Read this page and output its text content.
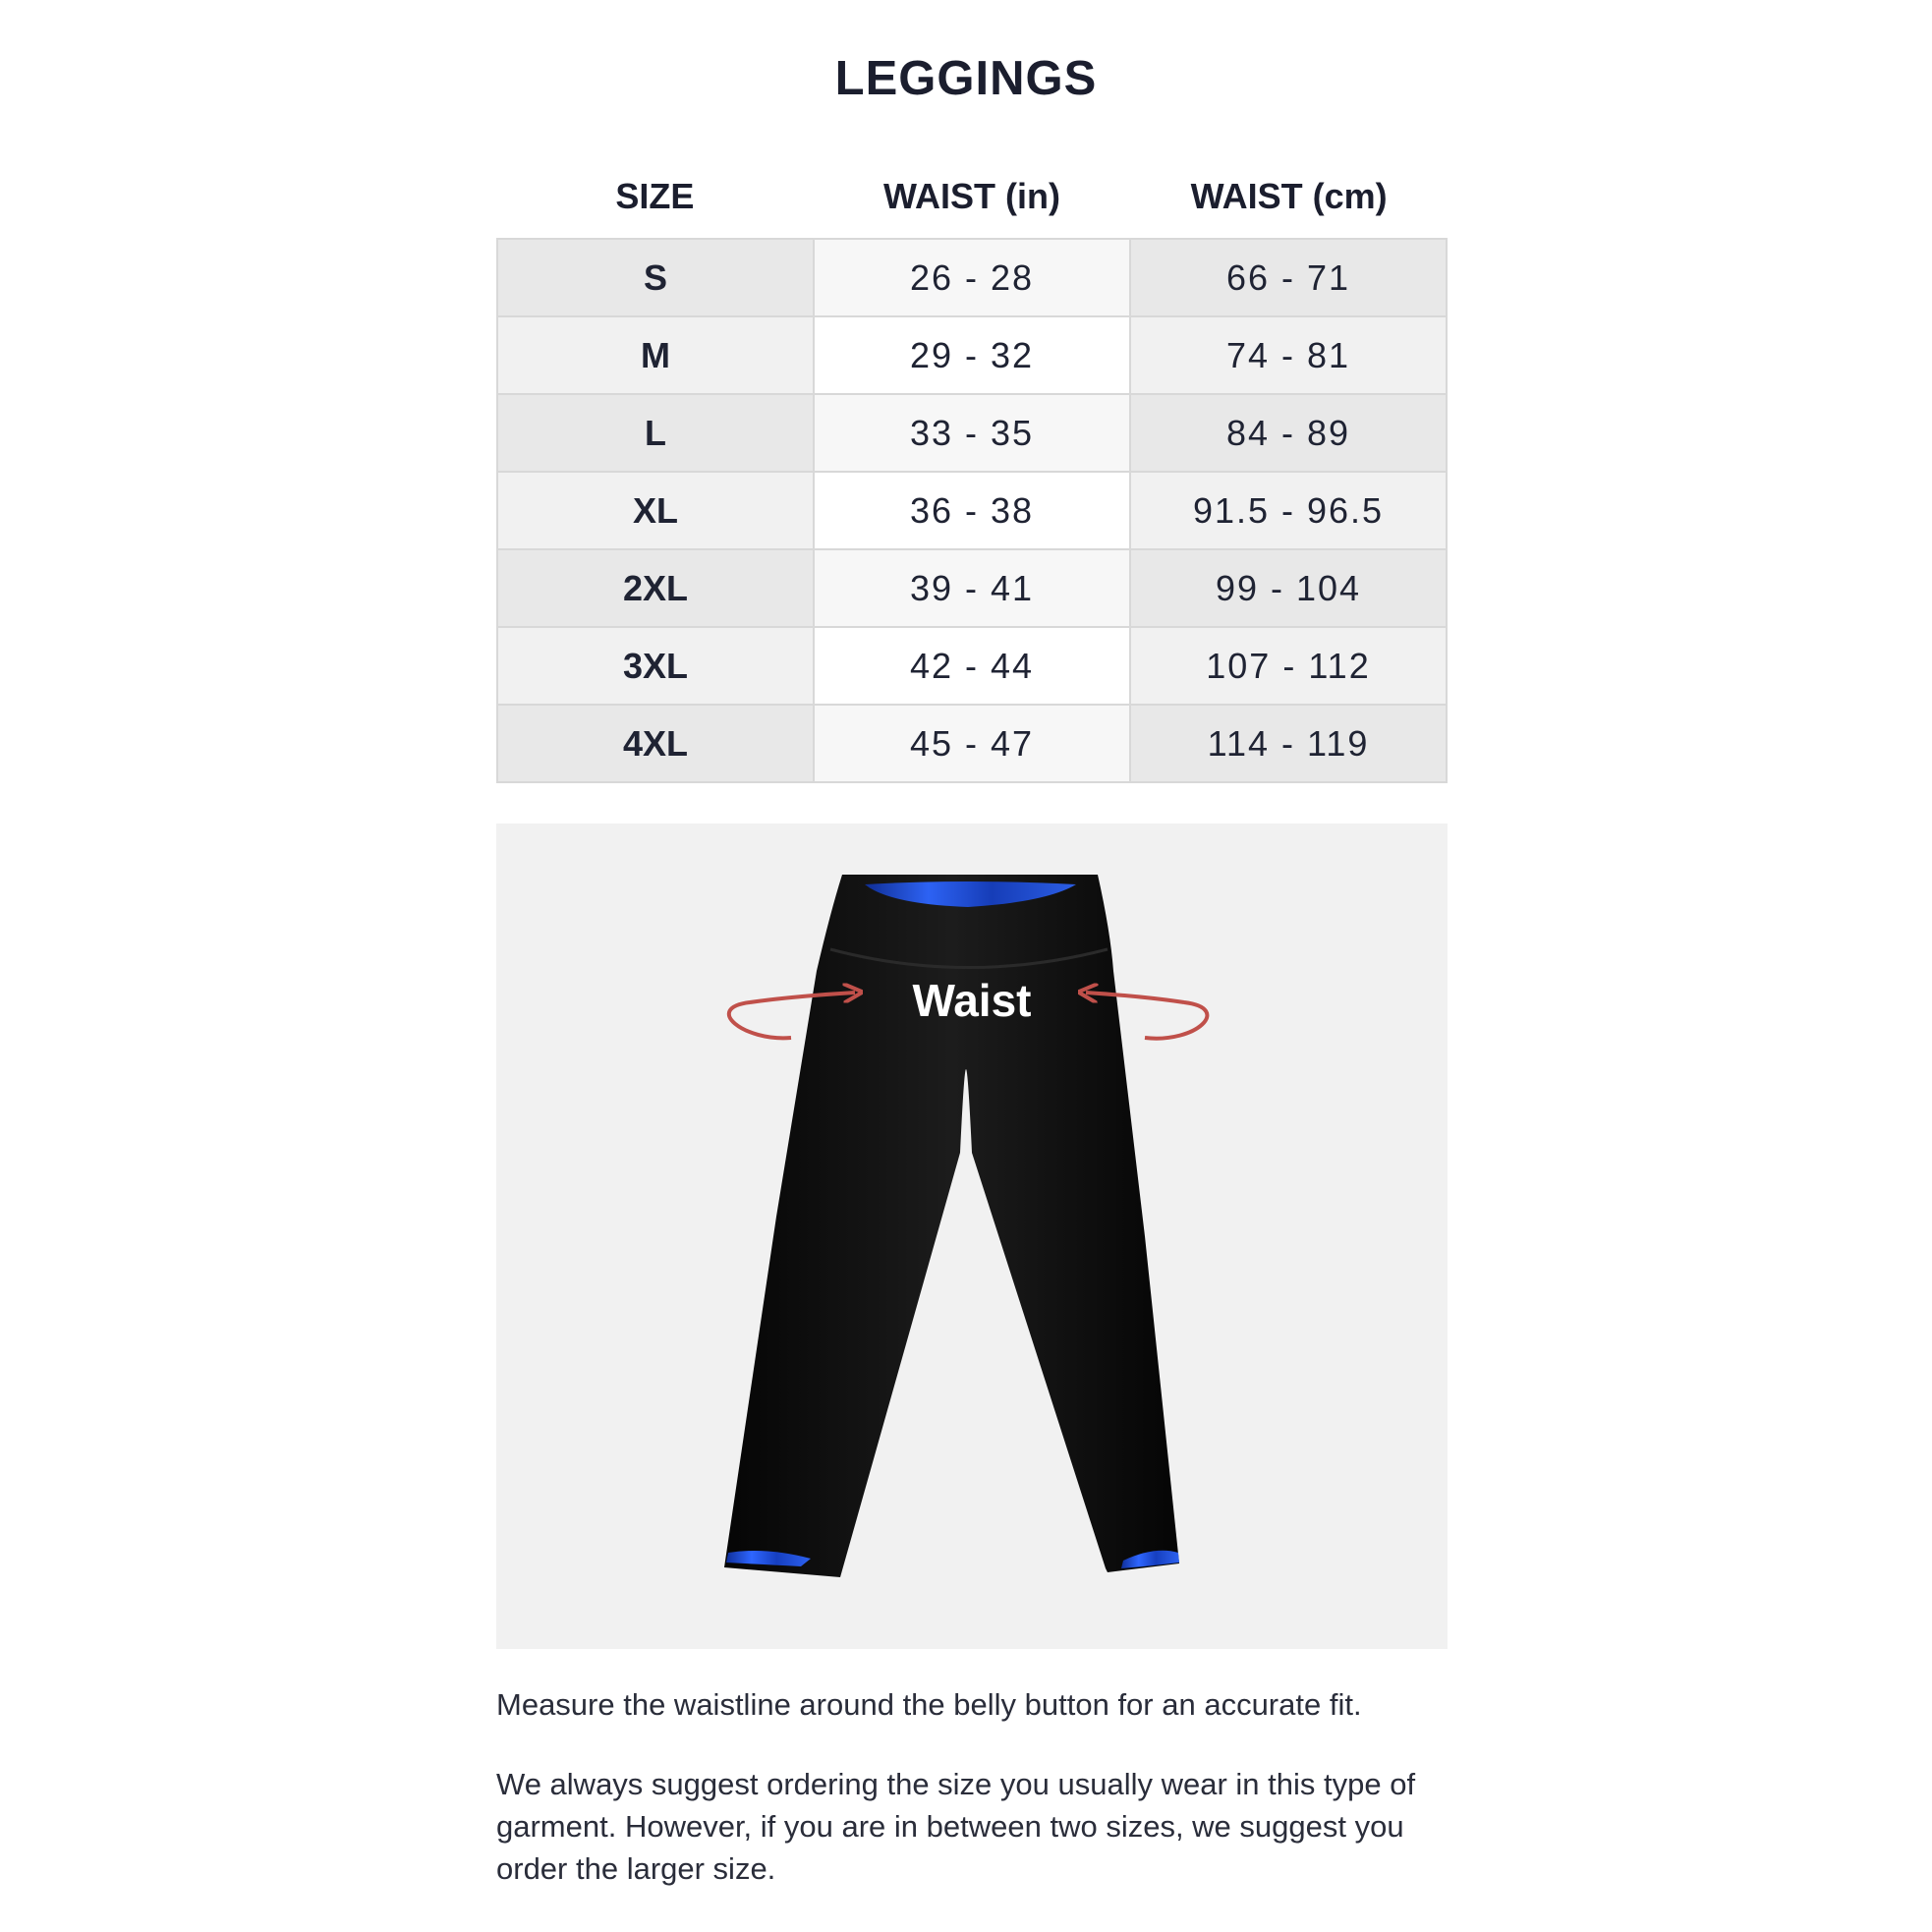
LEGGINGS
SIZE	WAIST (in)	WAIST (cm)
S	26 - 28	66 - 71
M	29 - 32	74 - 81
L	33 - 35	84 - 89
XL	36 - 38	91.5 - 96.5
2XL	39 - 41	99 - 104
3XL	42 - 44	107 - 112
4XL	45 - 47	114 - 119
Waist

Measure the waistline around the belly button for an accurate fit.

We always suggest ordering the size you usually wear in this type of garment. However, if you are in between two sizes, we suggest you order the larger size.
